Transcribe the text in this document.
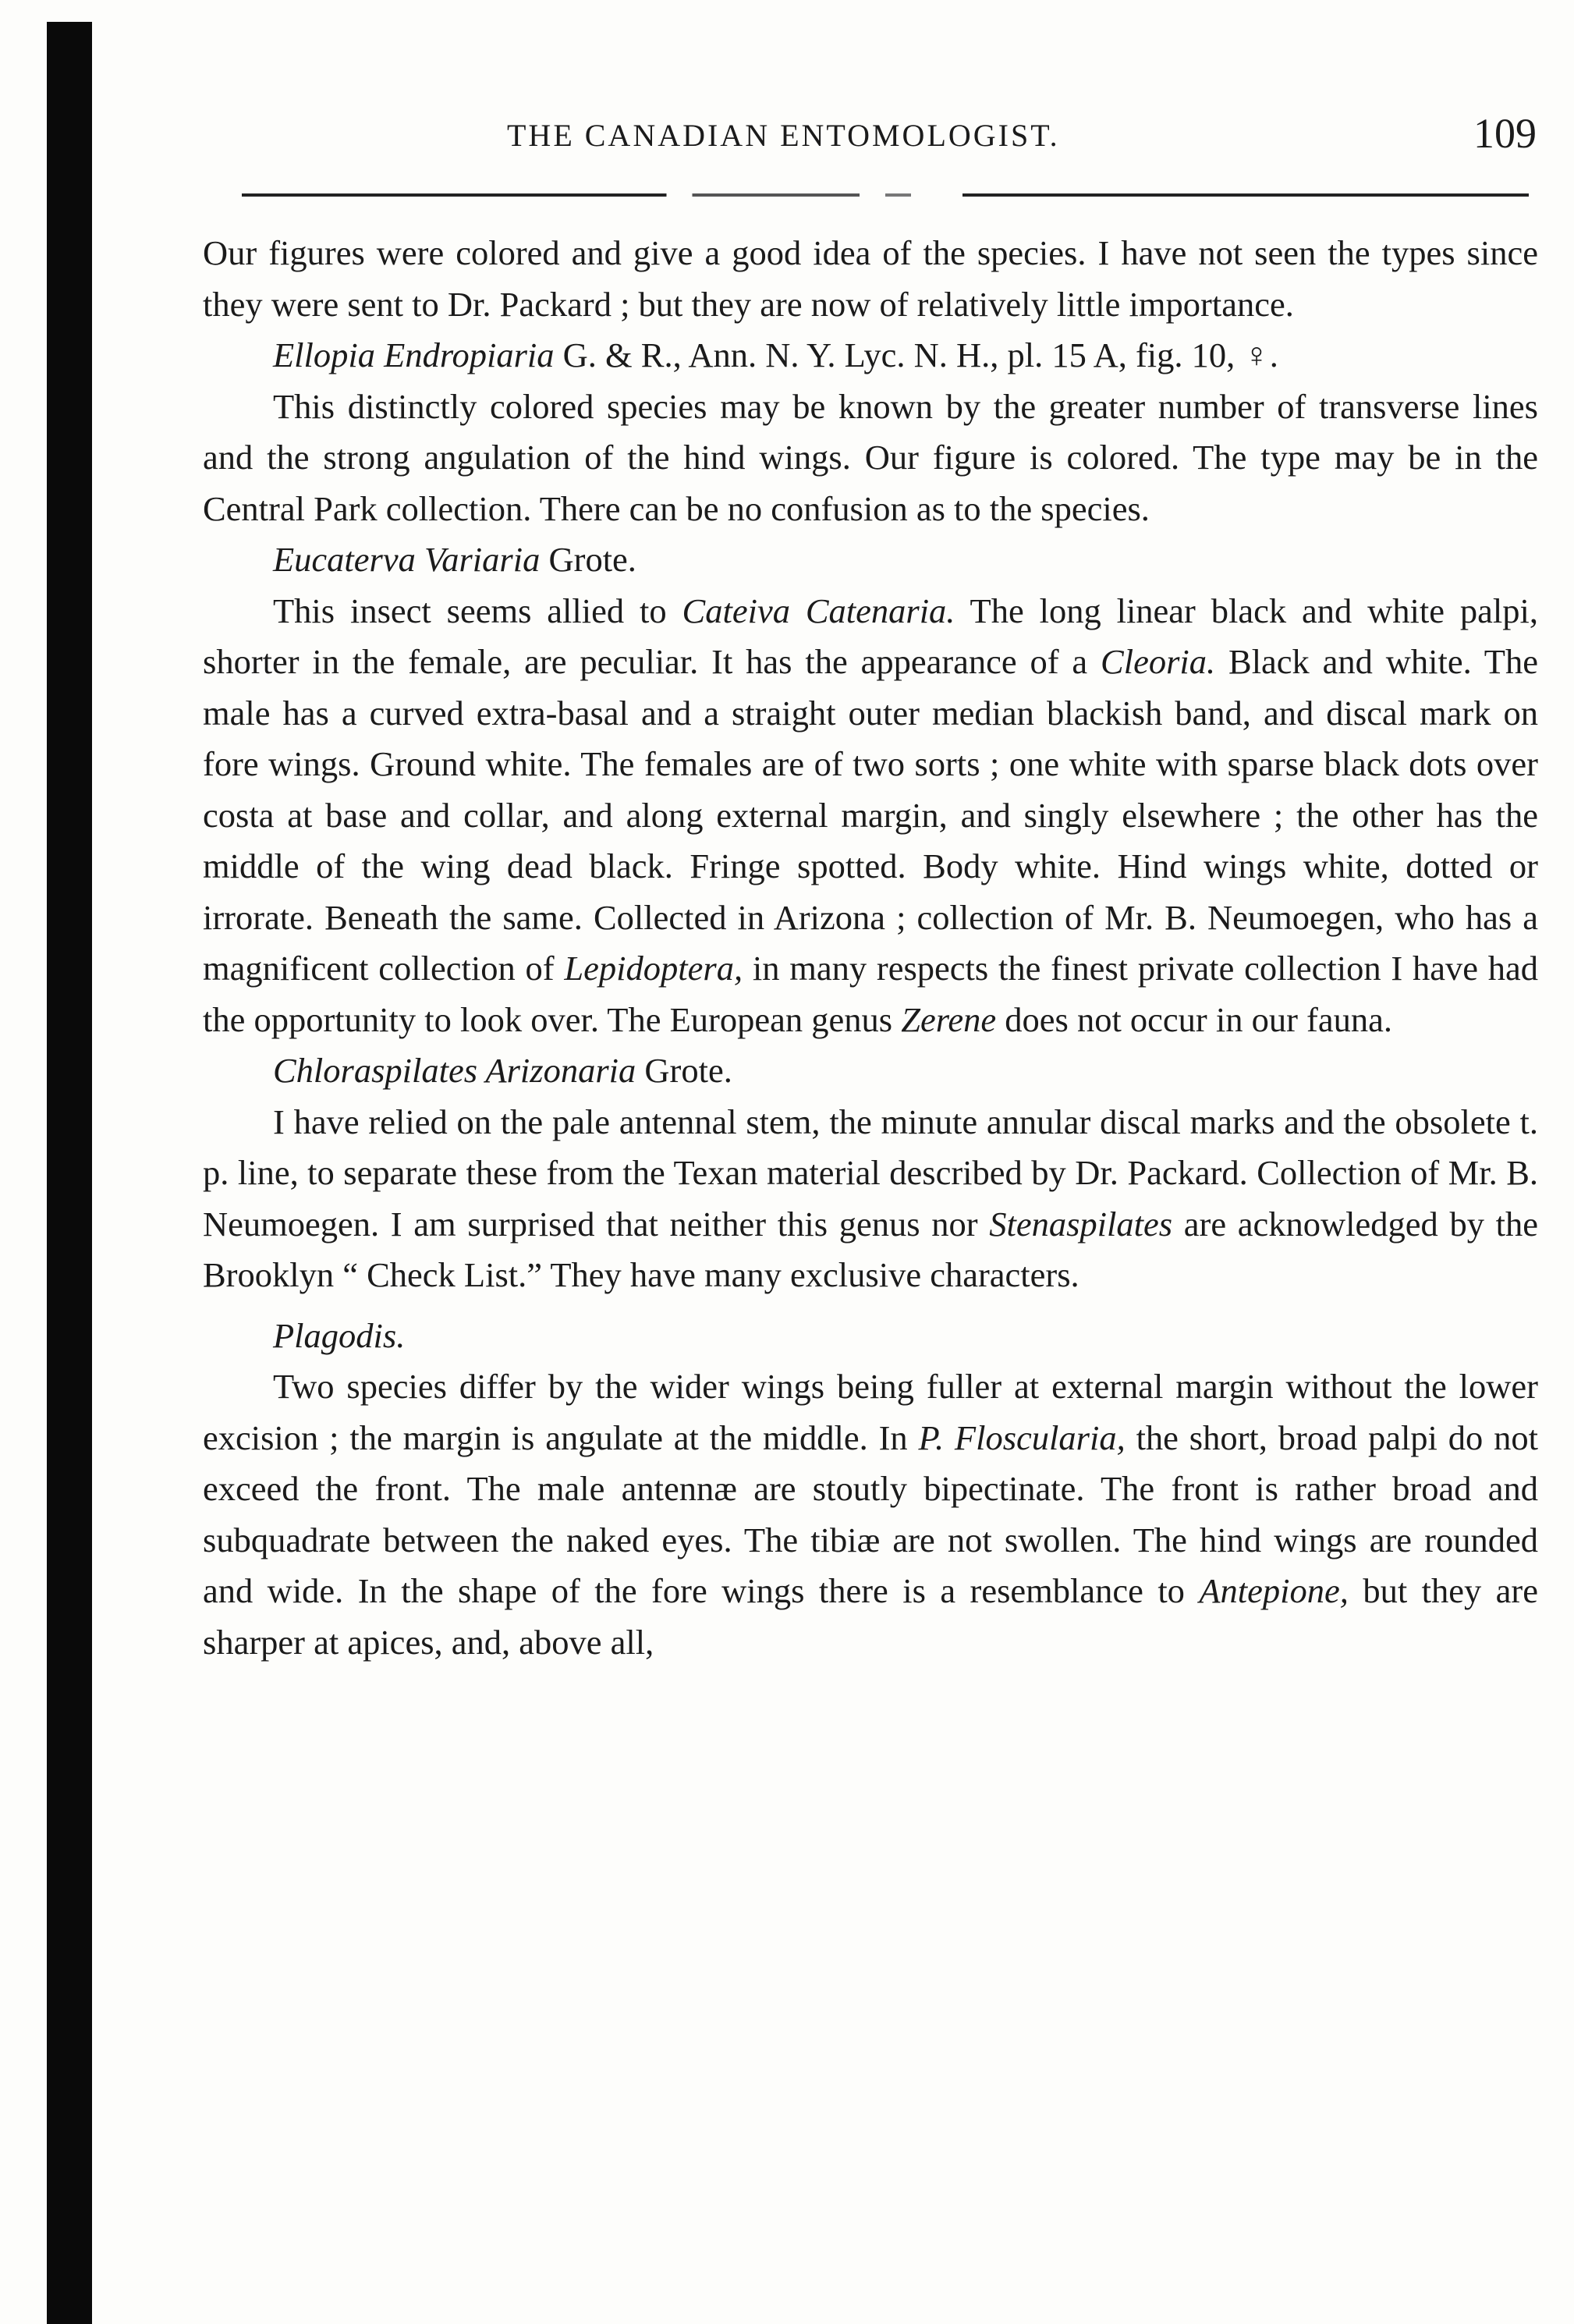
THE CANADIAN ENTOMOLOGIST.	109

Our figures were colored and give a good idea of the species. I have not seen the types since they were sent to Dr. Packard ; but they are now of relatively little importance.

Ellopia Endropiaria G. & R., Ann. N. Y. Lyc. N. H., pl. 15 A, fig. 10, ♀.

This distinctly colored species may be known by the greater number of transverse lines and the strong angulation of the hind wings. Our figure is colored. The type may be in the Central Park collection. There can be no confusion as to the species.

Eucaterva Variaria Grote.

This insect seems allied to Cateiva Catenaria. The long linear black and white palpi, shorter in the female, are peculiar. It has the appearance of a Cleoria. Black and white. The male has a curved extra-basal and a straight outer median blackish band, and discal mark on fore wings. Ground white. The females are of two sorts ; one white with sparse black dots over costa at base and collar, and along external margin, and singly elsewhere ; the other has the middle of the wing dead black. Fringe spotted. Body white. Hind wings white, dotted or irrorate. Beneath the same. Collected in Arizona ; collection of Mr. B. Neumoegen, who has a magnificent collection of Lepidoptera, in many respects the finest private collection I have had the opportunity to look over. The European genus Zerene does not occur in our fauna.

Chloraspilates Arizonaria Grote.

I have relied on the pale antennal stem, the minute annular discal marks and the obsolete t. p. line, to separate these from the Texan material described by Dr. Packard. Collection of Mr. B. Neumoegen. I am surprised that neither this genus nor Stenaspilates are acknowledged by the Brooklyn “ Check List.” They have many exclusive characters.

Plagodis.

Two species differ by the wider wings being fuller at external margin without the lower excision ; the margin is angulate at the middle. In P. Floscularia, the short, broad palpi do not exceed the front. The male antennæ are stoutly bipectinate. The front is rather broad and subquadrate between the naked eyes. The tibiæ are not swollen. The hind wings are rounded and wide. In the shape of the fore wings there is a resemblance to Antepione, but they are sharper at apices, and, above all,
